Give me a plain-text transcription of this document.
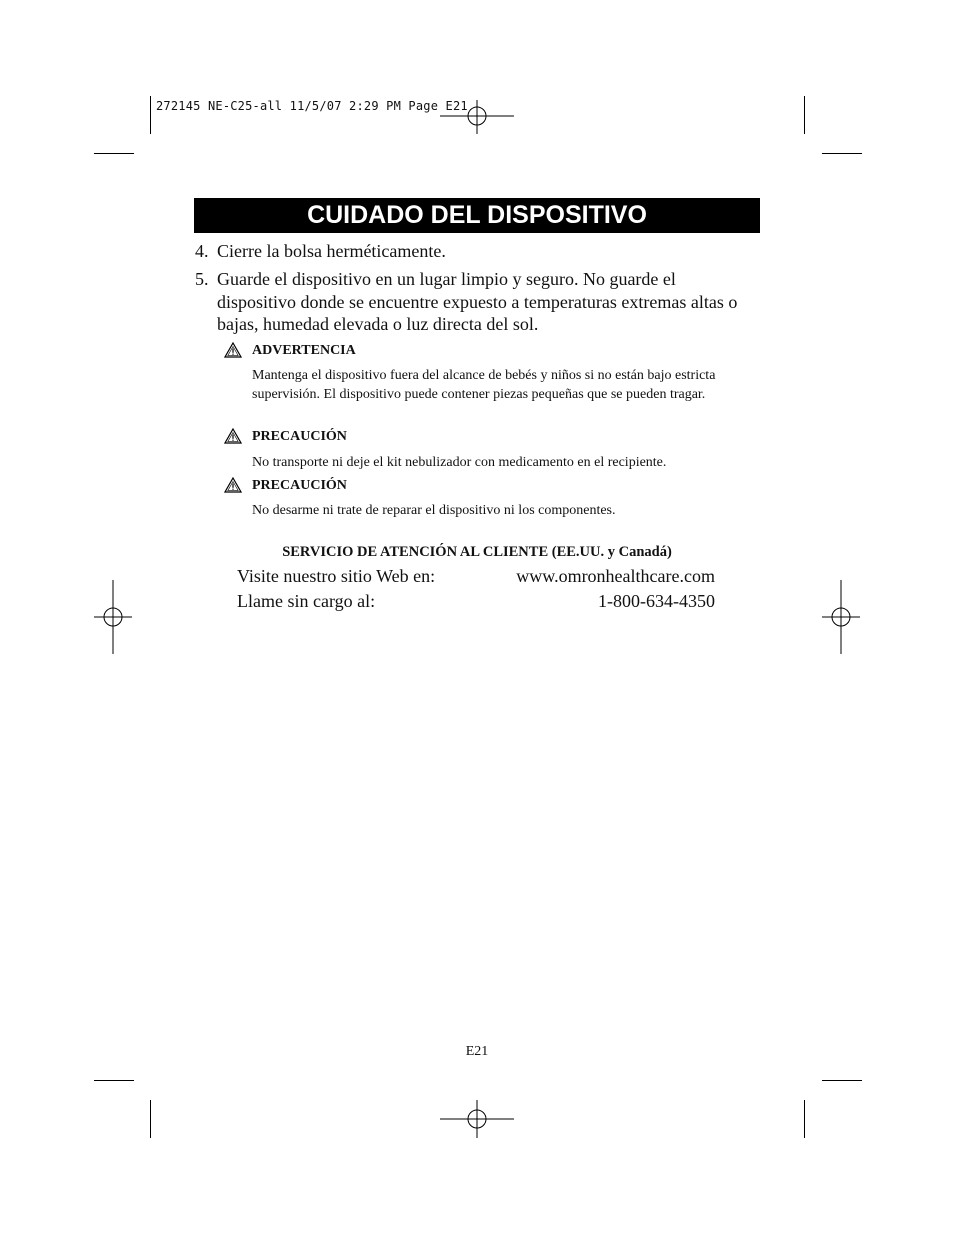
272145 NE-C25-all 11/5/07 2:29 PM Page E21
CUIDADO DEL DISPOSITIVO
4. Cierre la bolsa herméticamente.
5. Guarde el dispositivo en un lugar limpio y seguro. No guarde el dispositivo donde se encuentre expuesto a temperaturas extremas altas o bajas, humedad elevada o luz directa del sol.
ADVERTENCIA
Mantenga el dispositivo fuera del alcance de bebés y niños si no están bajo estricta supervisión. El dispositivo puede contener piezas pequeñas que se pueden tragar.
PRECAUCIÓN
No transporte ni deje el kit nebulizador con medicamento en el recipiente.
PRECAUCIÓN
No desarme ni trate de reparar el dispositivo ni los componentes.
SERVICIO DE ATENCIÓN AL CLIENTE (EE.UU. y Canadá)
Visite nuestro sitio Web en:	www.omronhealthcare.com
Llame sin cargo al:	1-800-634-4350
E21
